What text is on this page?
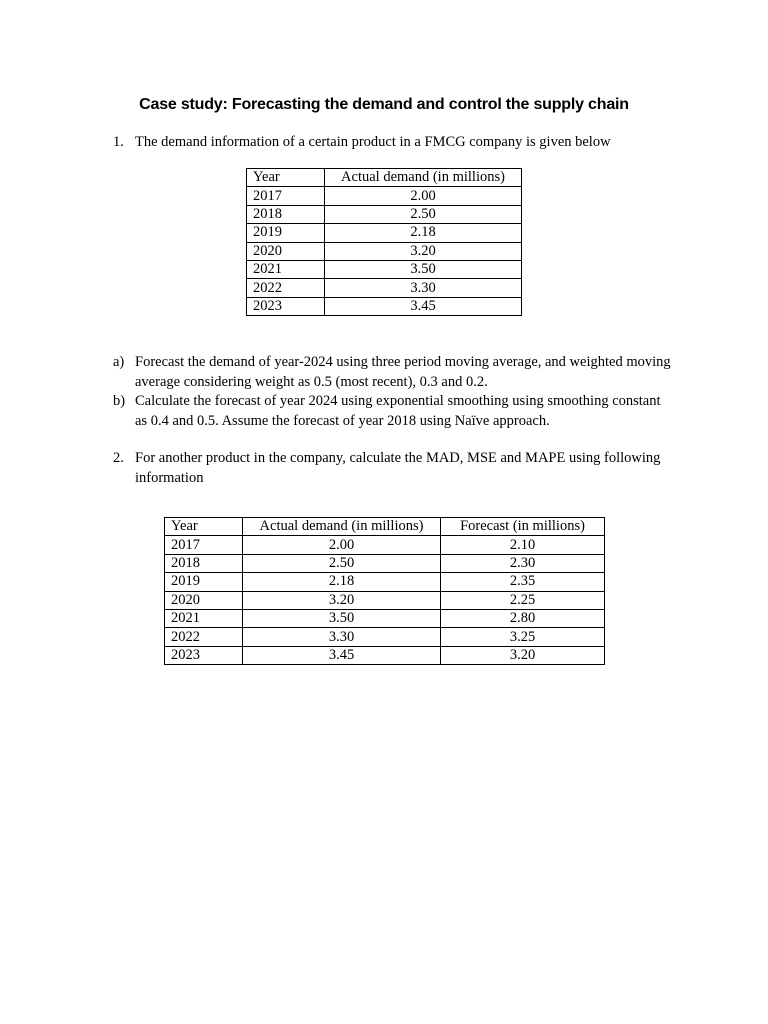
Case study: Forecasting the demand and control the supply chain
1. The demand information of a certain product in a FMCG company is given below
Year	Actual demand (in millions)
2017	2.00
2018	2.50
2019	2.18
2020	3.20
2021	3.50
2022	3.30
2023	3.45
a) Forecast the demand of year-2024 using three period moving average, and weighted moving average considering weight as 0.5 (most recent), 0.3 and 0.2.
b) Calculate the forecast of year 2024 using exponential smoothing using smoothing constant as 0.4 and 0.5. Assume the forecast of year 2018 using Naïve approach.
2. For another product in the company, calculate the MAD, MSE and MAPE using following information
Year	Actual demand (in millions)	Forecast (in millions)
2017	2.00	2.10
2018	2.50	2.30
2019	2.18	2.35
2020	3.20	2.25
2021	3.50	2.80
2022	3.30	3.25
2023	3.45	3.20
